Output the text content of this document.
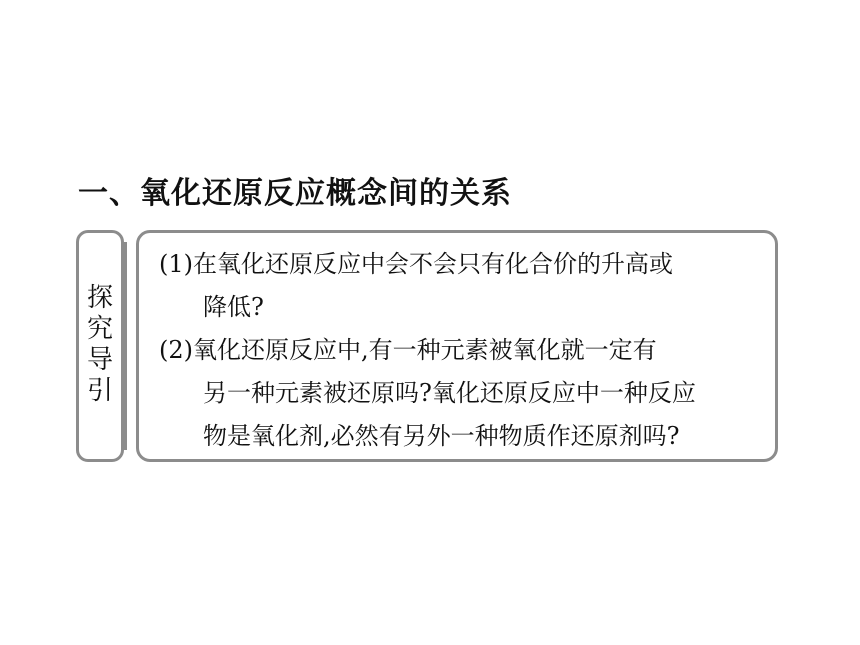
一、氧化还原反应概念间的关系
探
究
导
引
(1)在氧化还原反应中会不会只有化合价的升高或
降低?
(2)氧化还原反应中,有一种元素被氧化就一定有
另一种元素被还原吗?氧化还原反应中一种反应
物是氧化剂,必然有另外一种物质作还原剂吗?
